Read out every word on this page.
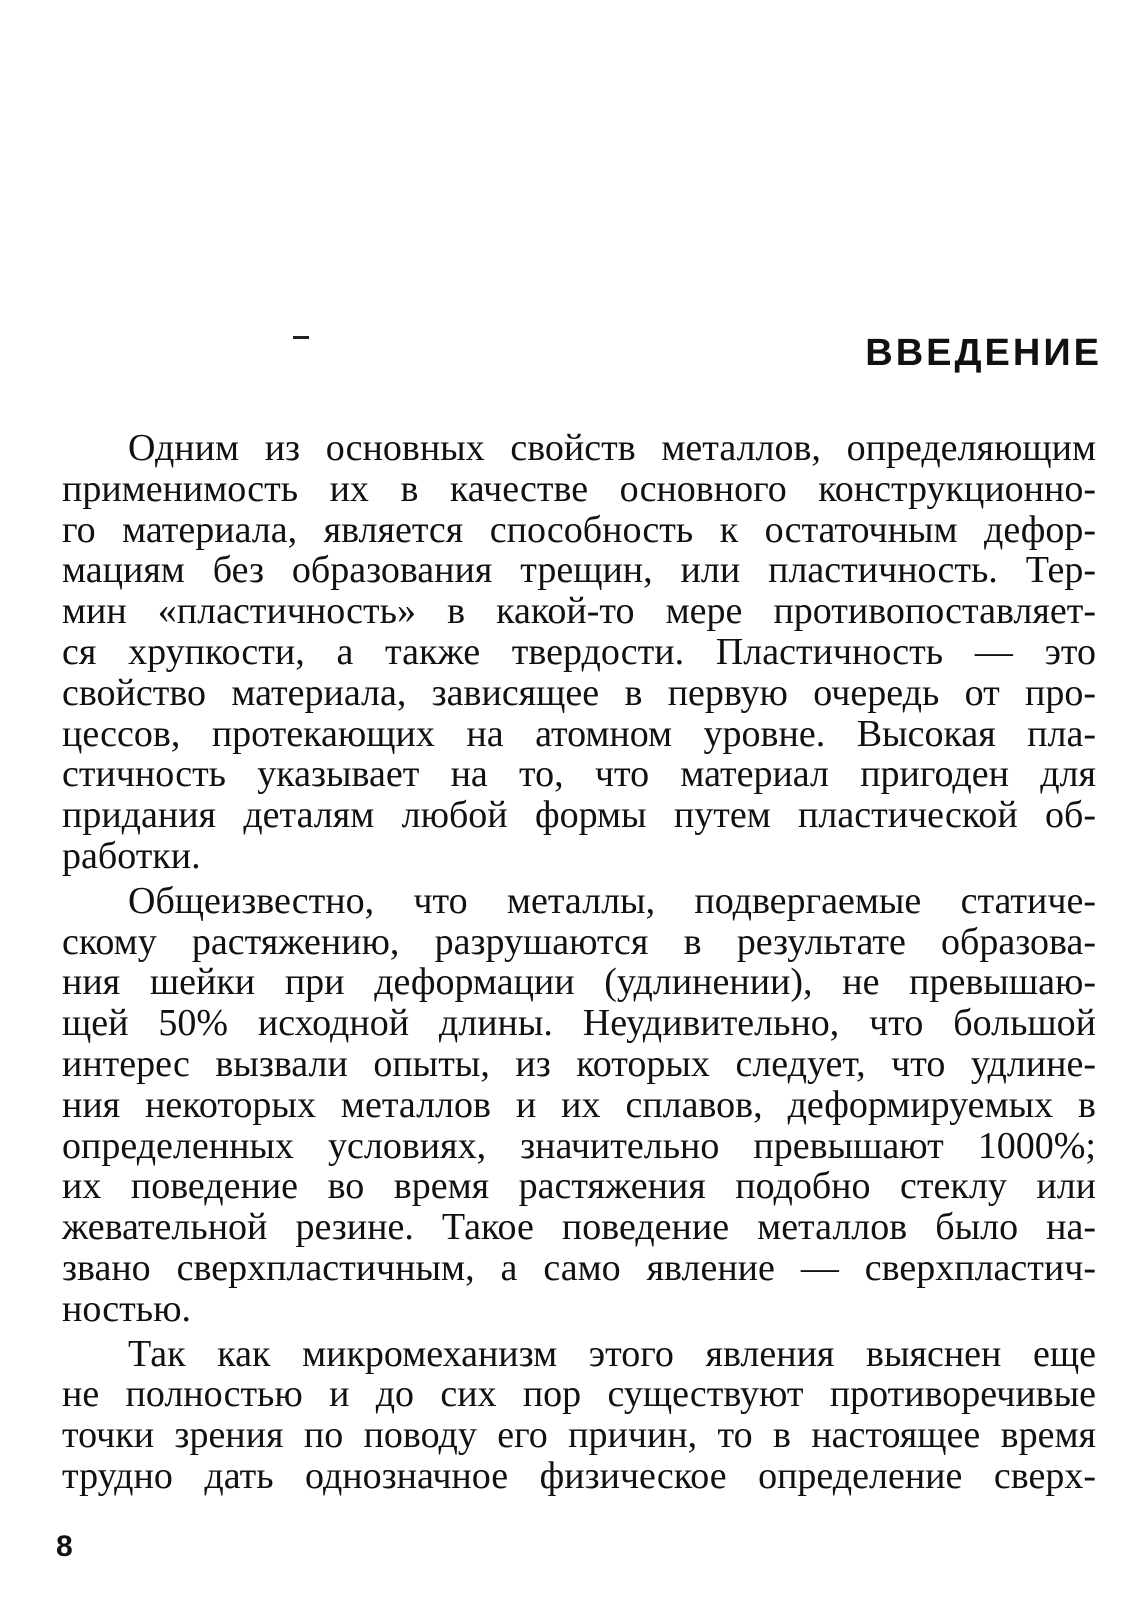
ВВЕДЕНИЕ

Одним из основных свойств металлов, определяющим
применимость их в качестве основного конструкционно-
го материала, является способность к остаточным дефор-
мациям без образования трещин, или пластичность. Тер-
мин «пластичность» в какой-то мере противопоставляет-
ся хрупкости, а также твердости. Пластичность — это
свойство материала, зависящее в первую очередь от про-
цессов, протекающих на атомном уровне. Высокая пла-
стичность указывает на то, что материал пригоден для
придания деталям любой формы путем пластической об-
работки.

Общеизвестно, что металлы, подвергаемые статиче-
скому растяжению, разрушаются в результате образова-
ния шейки при деформации (удлинении), не превышаю-
щей 50% исходной длины. Неудивительно, что большой
интерес вызвали опыты, из которых следует, что удлине-
ния некоторых металлов и их сплавов, деформируемых в
определенных условиях, значительно превышают 1000%;
их поведение во время растяжения подобно стеклу или
жевательной резине. Такое поведение металлов было на-
звано сверхпластичным, а само явление — сверхпластич-
ностью.

Так как микромеханизм этого явления выяснен еще
не полностью и до сих пор существуют противоречивые
точки зрения по поводу его причин, то в настоящее время
трудно дать однозначное физическое определение сверх-

8
